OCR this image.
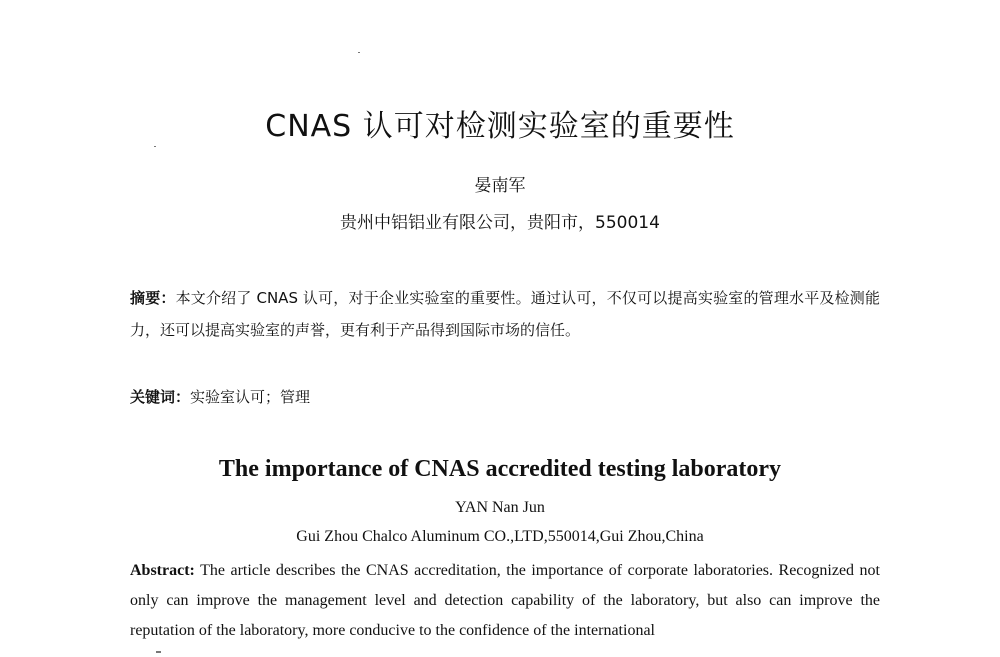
CNAS 认可对检测实验室的重要性
晏南军
贵州中铝铝业有限公司，贵阳市，550014
摘要：本文介绍了 CNAS 认可，对于企业实验室的重要性。通过认可，不仅可以提高实验室的管理水平及检测能力，还可以提高实验室的声誉，更有利于产品得到国际市场的信任。
关键词：实验室认可；管理
The importance of CNAS accredited testing laboratory
YAN Nan Jun
Gui Zhou Chalco Aluminum CO.,LTD,550014,Gui Zhou,China
Abstract: The article describes the CNAS accreditation, the importance of corporate laboratories. Recognized not only can improve the management level and detection capability of the laboratory, but also can improve the reputation of the laboratory, more conducive to the confidence of the international
